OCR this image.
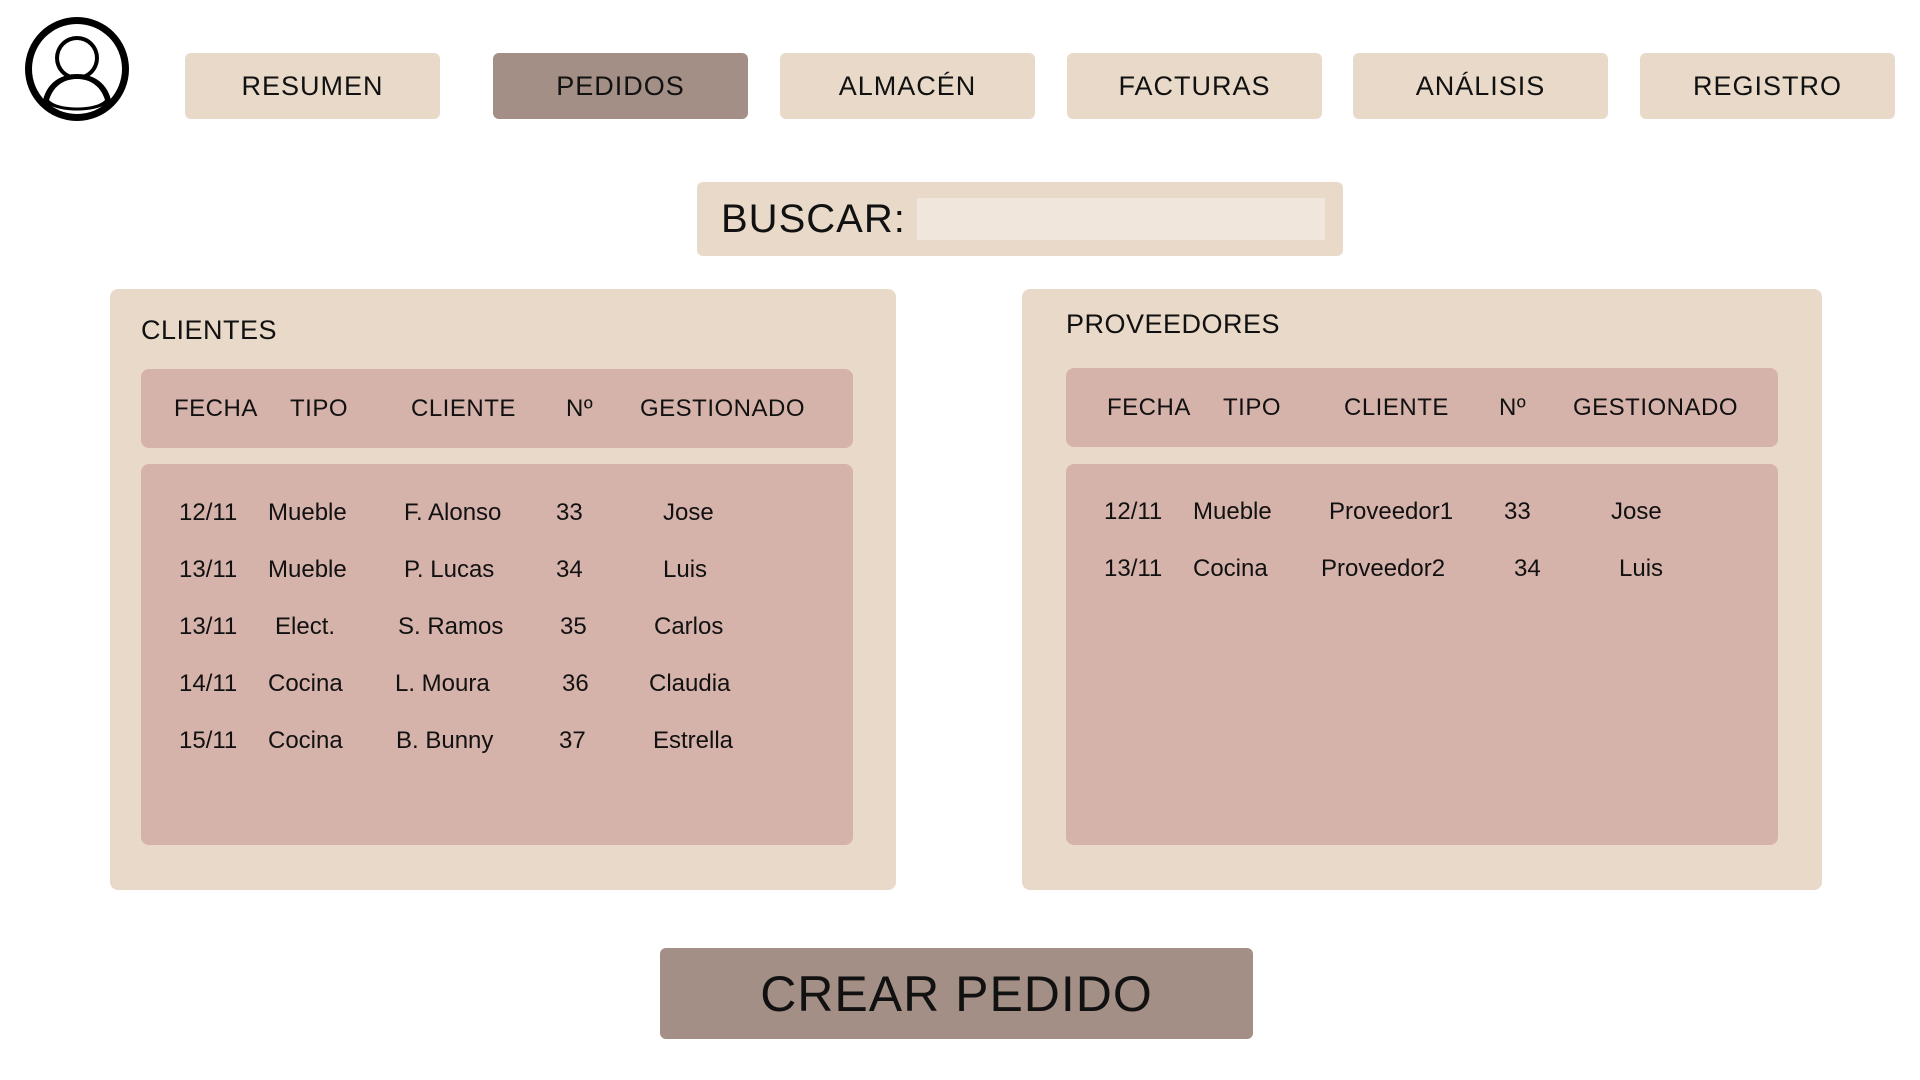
RESUMEN	PEDIDOS	ALMACÉN	FACTURAS	ANÁLISIS	REGISTRO
BUSCAR:
CLIENTES
FECHA TIPO	CLIENTE Nº GESTIONADO
12/11 Mueble F. Alonso 33	Jose
13/11 Mueble P. Lucas	34	Luis
13/11 Elect.	S. Ramos 35	Carlos
14/11 Cocina L. Moura	36	Claudia
15/11 Cocina B. Bunny	37	Estrella
PROVEEDORES
FECHA TIPO	CLIENTE Nº GESTIONADO
12/11 Mueble Proveedor1 33	Jose
13/11 Cocina Proveedor2	34	Luis
CREAR PEDIDO
